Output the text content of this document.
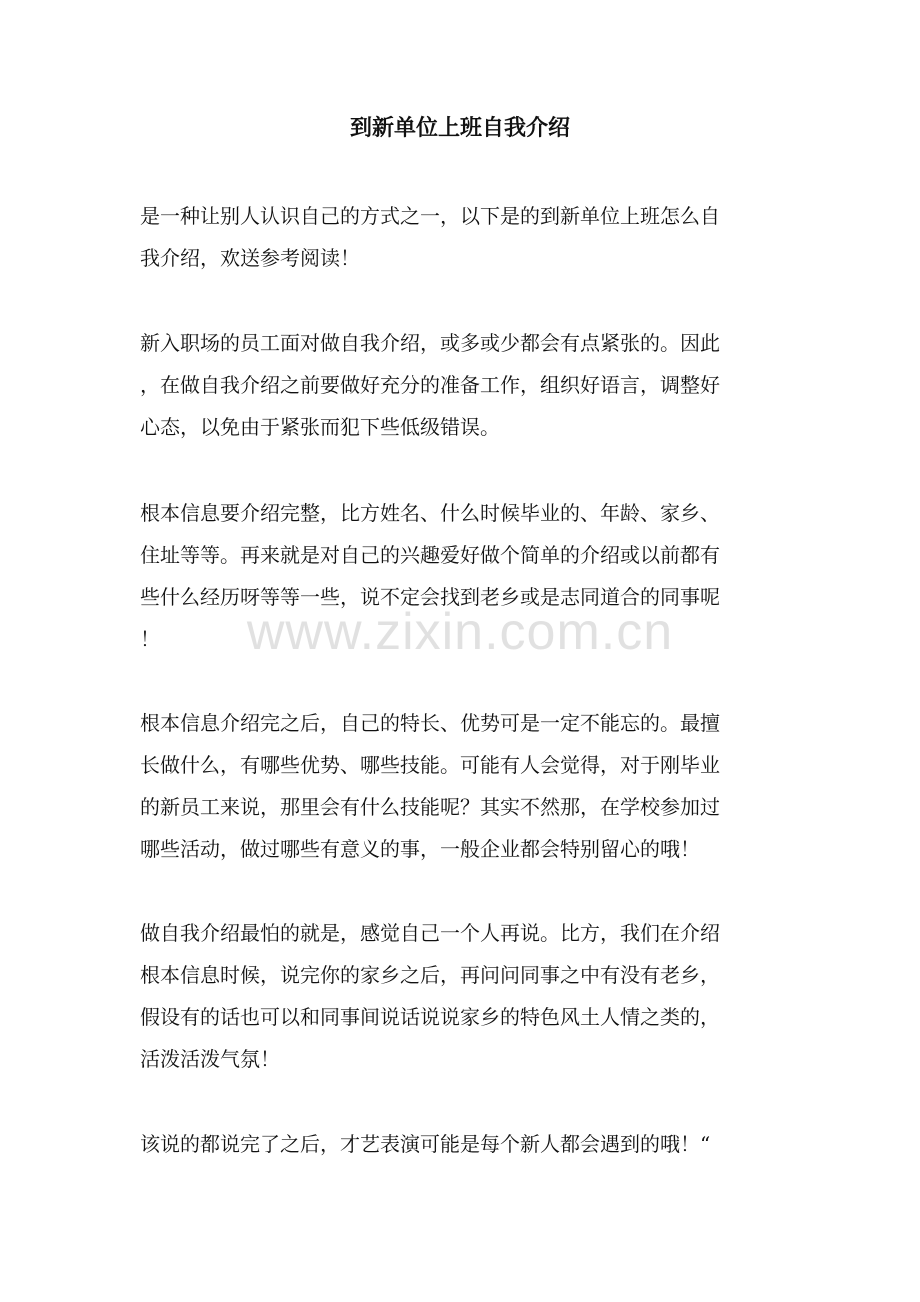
到新单位上班自我介绍
是一种让别人认识自己的方式之一，以下是的到新单位上班怎么自
我介绍，欢送参考阅读！
新入职场的员工面对做自我介绍，或多或少都会有点紧张的。因此
，在做自我介绍之前要做好充分的准备工作，组织好语言，调整好
心态，以免由于紧张而犯下些低级错误。
根本信息要介绍完整，比方姓名、什么时候毕业的、年龄、家乡、
住址等等。再来就是对自己的兴趣爱好做个简单的介绍或以前都有
些什么经历呀等等一些，说不定会找到老乡或是志同道合的同事呢
！
根本信息介绍完之后，自己的特长、优势可是一定不能忘的。最擅
长做什么，有哪些优势、哪些技能。可能有人会觉得，对于刚毕业
的新员工来说，那里会有什么技能呢？其实不然那，在学校参加过
哪些活动，做过哪些有意义的事，一般企业都会特别留心的哦！
做自我介绍最怕的就是，感觉自己一个人再说。比方，我们在介绍
根本信息时候，说完你的家乡之后，再问问同事之中有没有老乡，
假设有的话也可以和同事间说话说说家乡的特色风土人情之类的，
活泼活泼气氛！
该说的都说完了之后，才艺表演可能是每个新人都会遇到的哦！“
www.zixin.com.cn
